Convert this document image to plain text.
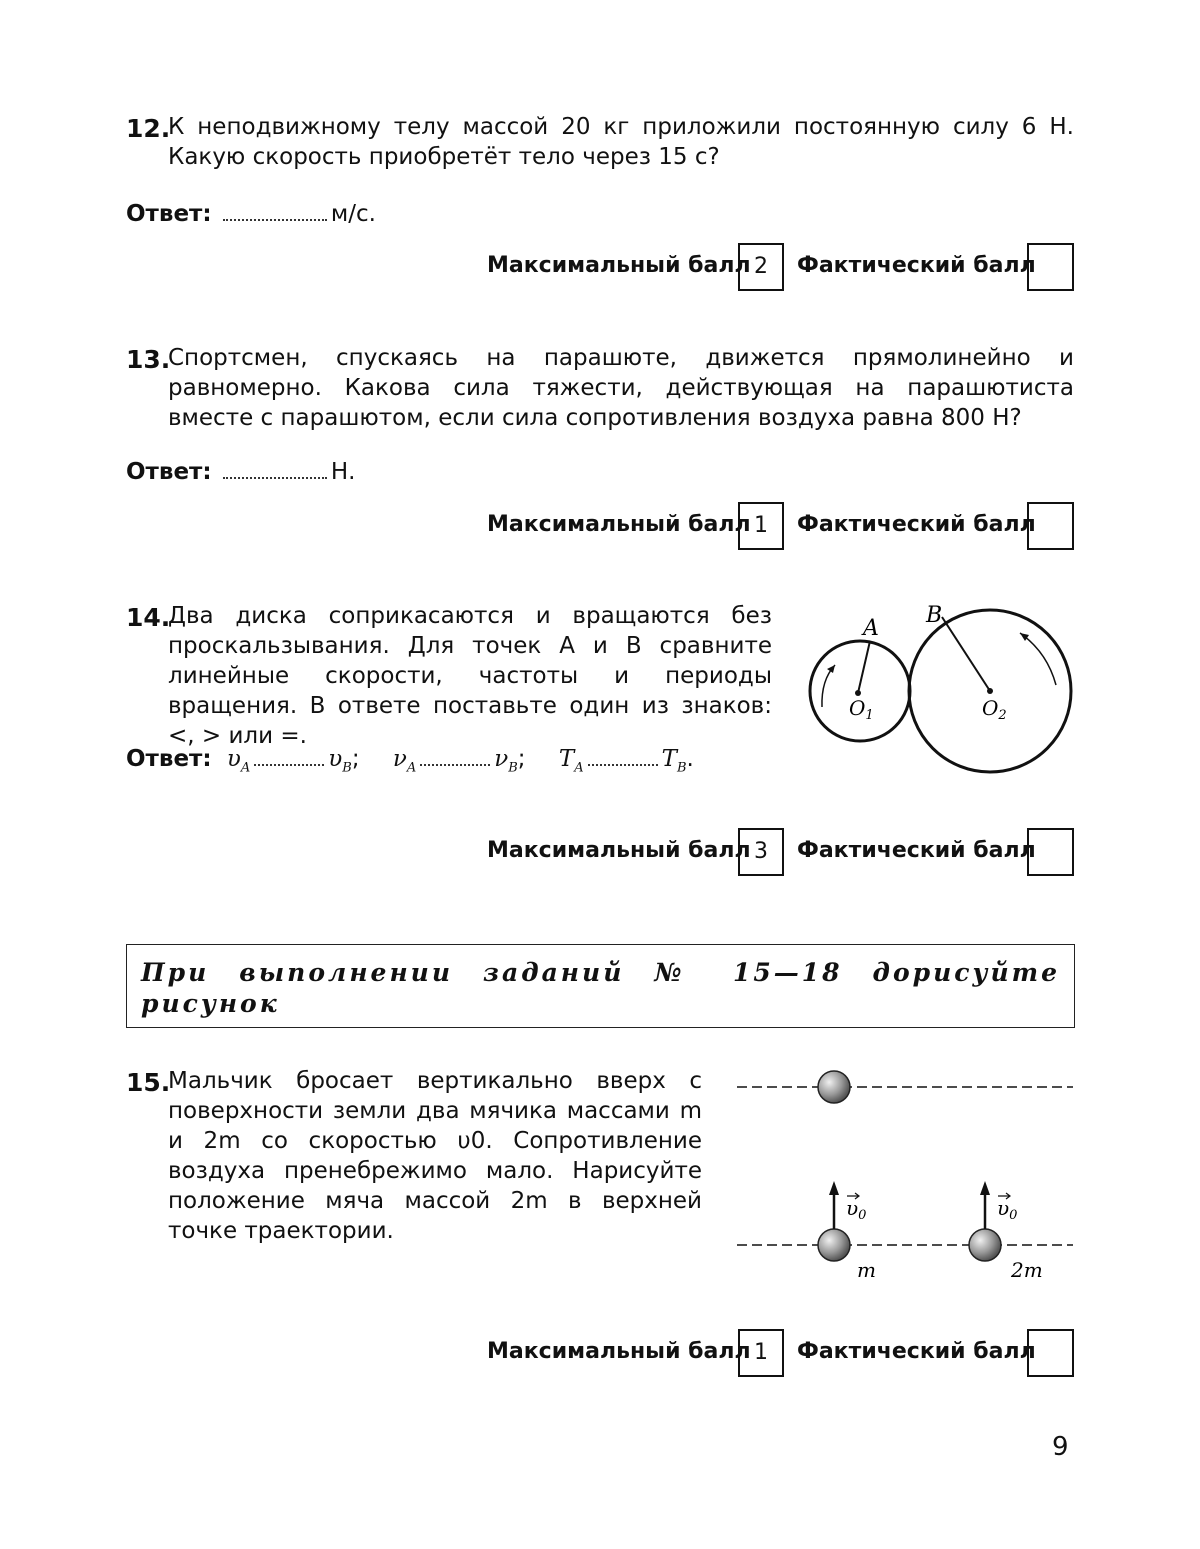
12.
К неподвижному телу массой 20 кг приложили постоянную силу 6 Н. Какую скорость приобретёт тело через 15 с?
Ответ:	м/с.
Максимальный балл 2	Фактический балл
13.
Спортсмен, спускаясь на парашюте, движется прямолинейно и равномерно. Какова сила тяжести, действующая на парашютиста вместе с парашютом, если сила сопротивления воздуха равна 800 Н?
Ответ:	Н.
Максимальный балл 1	Фактический балл
14.
Два диска соприкасаются и вращаются без проскальзывания. Для точек A и B сравните линейные скорости, частоты и периоды вращения. В ответе поставьте один из знаков: <, > или =.
A
B
$O_1$	$O_2$
Ответ: $\upsilon_A$	$\upsilon_B$; $\nu_A$	$\nu_B$; $T_A$	$T_B$.
Максимальный балл 3	Фактический балл
При выполнении заданий № 15—18 дорисуйте рисунок
15.
Мальчик бросает вертикально вверх с поверхности земли два мячика массами m и 2m со скоростью υ0. Сопротивление воздуха пренебрежимо мало. Нарисуйте положение мяча массой 2m в верхней точке траектории.
$\upsilon_0$	$\upsilon_0$
m	2m
Максимальный балл 1	Фактический балл
9
